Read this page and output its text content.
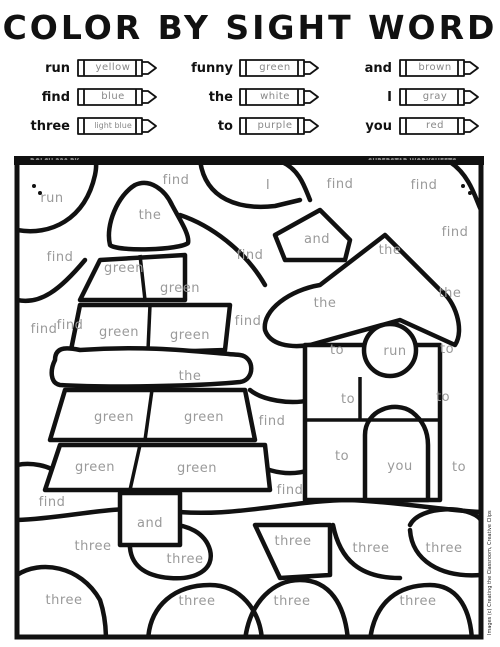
COLOR BY SIGHT WORD
run	yellow
find	blue
three	light blue
funny	green
the	white
to	purple
and	brown
I	gray
you	red
DOLCH 220 PK	SUPERSTAR WORKSHEETS
run
find	I	find	find
the
find
find
and
find
green
find
green
the
the
find
find
the
green green
to	run	to
the
to	to
green	green	find
green	green
to
you	to
find
find
and
three	three	three	three
three
three	three	three	three	Images (c) Creating the Classroom, Creative Clips
